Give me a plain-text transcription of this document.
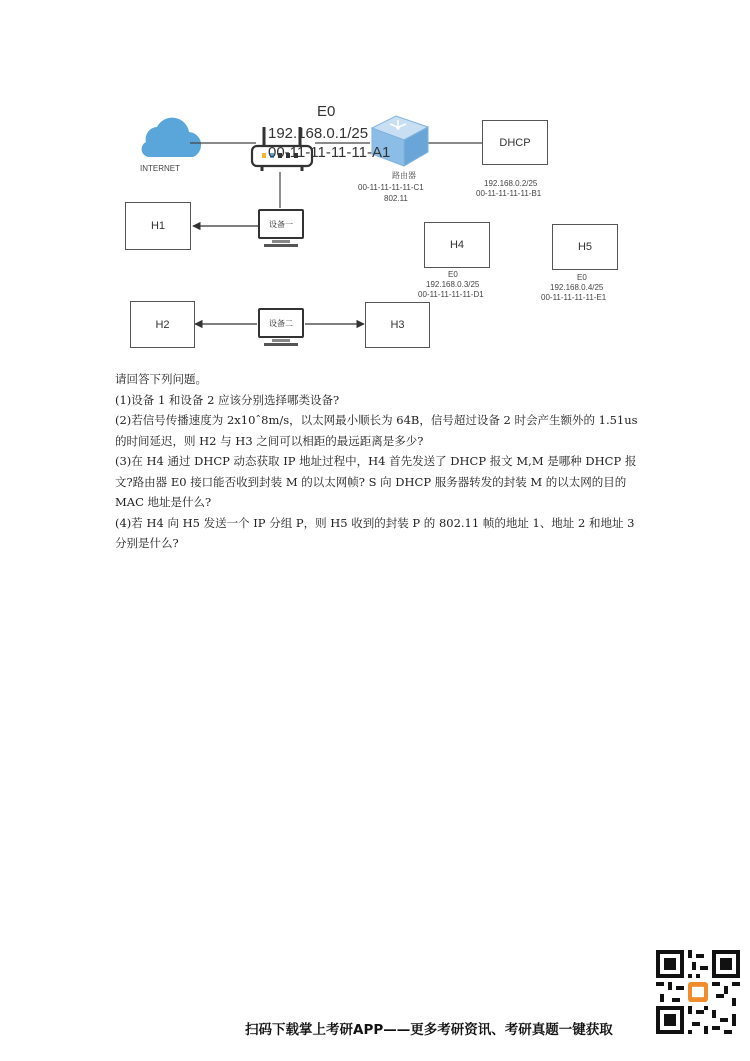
INTERNET
E0
192.168.0.1/25
00-11-11-11-11-A1
路由器
00-11-11-11-11-C1
802.11
DHCP
192.168.0.2/25
00-11-11-11-11-B1
设备一
H1
H4
E0
192.168.0.3/25
00-11-11-11-11-D1
H5
E0
192.168.0.4/25
00-11-11-11-11-E1
H2	设备二	H3

请回答下列问题。

(1)设备 1 和设备 2 应该分别选择哪类设备?

(2)若信号传播速度为 2x10ˆ8m/s，以太网最小顺长为 64B，信号超过设备 2 时会产生额外的 1.51us 的时间延迟，则 H2 与 H3 之间可以相距的最远距离是多少?

(3)在 H4 通过 DHCP 动态获取 IP 地址过程中，H4 首先发送了 DHCP 报文 M,M 是哪种 DHCP 报文?路由器 E0 接口能否收到封装 M 的以太网帧? S 向 DHCP 服务器转发的封装 M 的以太网的目的 MAC 地址是什么?

(4)若 H4 向 H5 发送一个 IP 分组 P，则 H5 收到的封装 P 的 802.11 帧的地址 1、地址 2 和地址 3 分别是什么?

扫码下载掌上考研APP——更多考研资讯、考研真题一键获取
